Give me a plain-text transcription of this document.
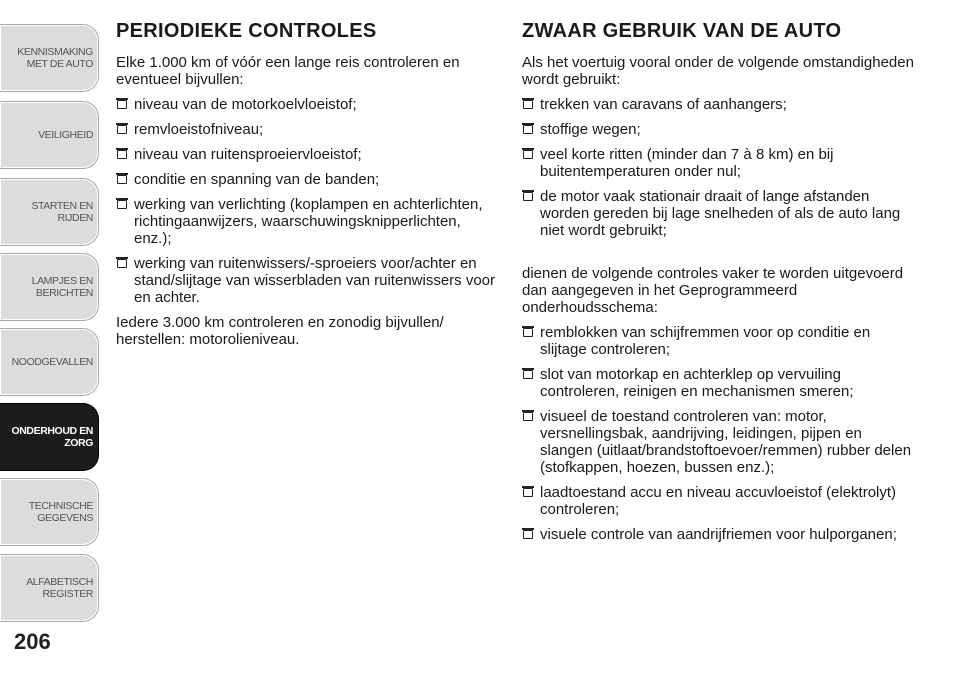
KENNISMAKING
MET DE AUTO
VEILIGHEID
STARTEN EN RIJDEN
LAMPJES EN
BERICHTEN
NOODGEVALLEN
ONDERHOUD EN
ZORG
TECHNISCHE
GEGEVENS
ALFABETISCH
REGISTER
206
PERIODIEKE CONTROLES

Elke 1.000 km of vóór een lange reis controleren en eventueel bijvullen:

niveau van de motorkoelvloeistof;
remvloeistofniveau;
niveau van ruitensproeiervloeistof;
conditie en spanning van de banden;
werking van verlichting (koplampen en achterlichten, richtingaanwijzers, waarschuwingsknipperlichten, enz.);
werking van ruitenwissers/-sproeiers voor/achter en stand/slijtage van wisserbladen van ruitenwissers voor en achter.

Iedere 3.000 km controleren en zonodig bijvullen/ herstellen: motorolieniveau.

ZWAAR GEBRUIK VAN DE AUTO

Als het voertuig vooral onder de volgende omstandigheden wordt gebruikt:

trekken van caravans of aanhangers;
stoffige wegen;
veel korte ritten (minder dan 7 à 8 km) en bij buitentemperaturen onder nul;
de motor vaak stationair draait of lange afstanden worden gereden bij lage snelheden of als de auto lang niet wordt gebruikt;

dienen de volgende controles vaker te worden uitgevoerd dan aangegeven in het Geprogrammeerd onderhoudsschema:

remblokken van schijfremmen voor op conditie en slijtage controleren;
slot van motorkap en achterklep op vervuiling controleren, reinigen en mechanismen smeren;
visueel de toestand controleren van: motor, versnellingsbak, aandrijving, leidingen, pijpen en slangen (uitlaat/brandstoftoevoer/remmen) rubber delen (stofkappen, hoezen, bussen enz.);
laadtoestand accu en niveau accuvloeistof (elektrolyt) controleren;
visuele controle van aandrijfriemen voor hulporganen;
